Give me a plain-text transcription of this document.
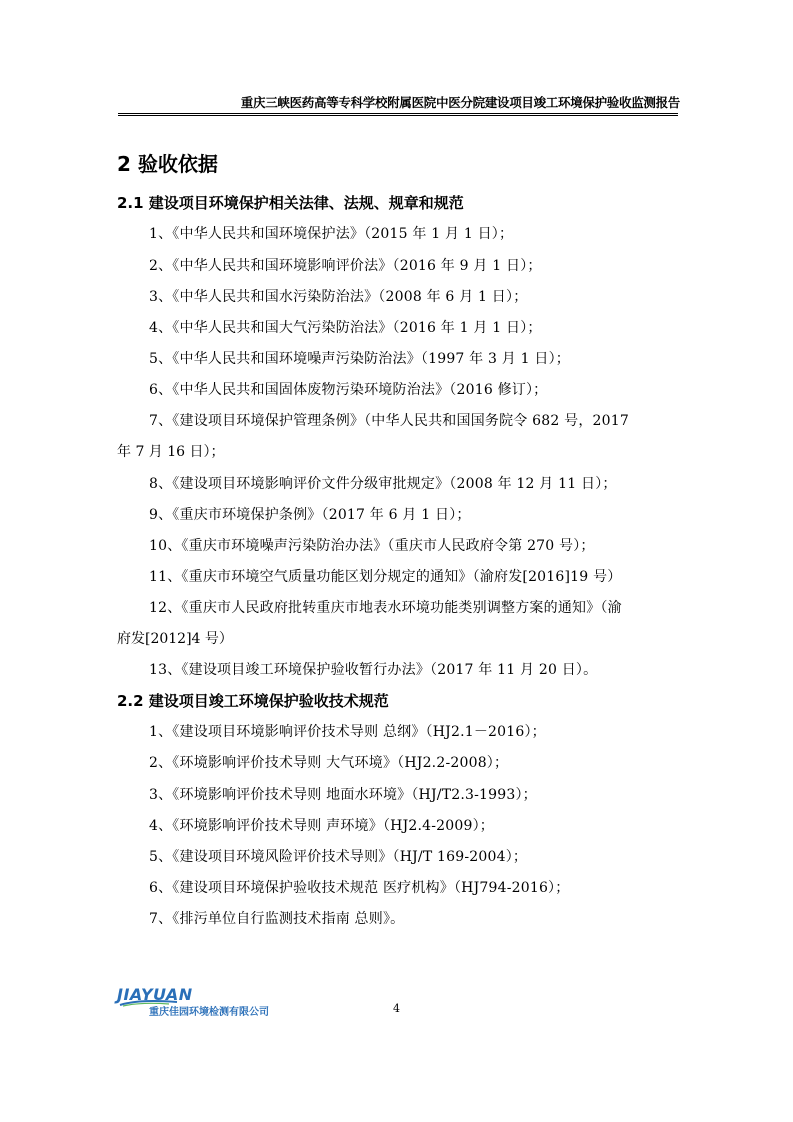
重庆三峡医药高等专科学校附属医院中医分院建设项目竣工环境保护验收监测报告
2 验收依据
2.1 建设项目环境保护相关法律、法规、规章和规范
1、《中华人民共和国环境保护法》（2015 年 1 月 1 日）；
2、《中华人民共和国环境影响评价法》（2016 年 9 月 1 日）；
3、《中华人民共和国水污染防治法》（2008 年 6 月 1 日）；
4、《中华人民共和国大气污染防治法》（2016 年 1 月 1 日）；
5、《中华人民共和国环境噪声污染防治法》（1997 年 3 月 1 日）；
6、《中华人民共和国固体废物污染环境防治法》（2016 修订）；
7、《建设项目环境保护管理条例》（中华人民共和国国务院令 682 号，2017
年 7 月 16 日）；
8、《建设项目环境影响评价文件分级审批规定》（2008 年 12 月 11 日）；
9、《重庆市环境保护条例》（2017 年 6 月 1 日）；
10、《重庆市环境噪声污染防治办法》（重庆市人民政府令第 270 号）；
11、《重庆市环境空气质量功能区划分规定的通知》（渝府发[2016]19 号）
12、《重庆市人民政府批转重庆市地表水环境功能类别调整方案的通知》（渝
府发[2012]4 号）
13、《建设项目竣工环境保护验收暂行办法》（2017 年 11 月 20 日）。
2.2 建设项目竣工环境保护验收技术规范
1、《建设项目环境影响评价技术导则 总纲》（HJ2.1－2016）；
2、《环境影响评价技术导则 大气环境》（HJ2.2-2008）；
3、《环境影响评价技术导则 地面水环境》（HJ/T2.3-1993）；
4、《环境影响评价技术导则 声环境》（HJ2.4-2009）；
5、《建设项目环境风险评价技术导则》（HJ/T 169-2004）；
6、《建设项目环境保护验收技术规范 医疗机构》（HJ794-2016）；
7、《排污单位自行监测技术指南 总则》。
JIAYUAN
重庆佳园环境检测有限公司	4
